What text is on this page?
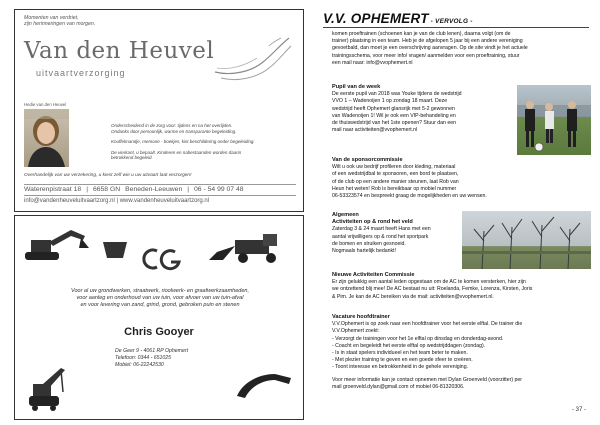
Momenten van verdriet,
zijn herinneringen van morgen.
Van den Heuvel
uitvaartverzorging
Hedie van den Heuvel

Onderscheidend in de zorg voor: tijdens en na het overlijden.
Ondanks door persoonlijk, warme en transparante begeleiding.

Knuffelmandje, memorie - boekjes, kist beschildering onder begeleiding.

De vierkant, u bepaalt. Kinderen en nabestaanden worden daarin
betrokkend begeleid.

Overhandelijk van uw verzekering, u kiest zelf wie u uw uitvaart laat verzorgen!
Waterenpistraat 18 | 6658 GN Beneden-Leeuwen | 06 - 54 99 07 48
info@vandenheuveluitvaartzorg.nl | www.vandenheuveluitvaartzorg.nl
Voor al uw grondwerken, straatwerk, rioolwerk- en graafwerkzaamheden,
voor aanleg en onderhoud van uw tuin, voor afvoer van uw tuin-afval
en voor levering van zand, grind, grond, gebroken puin en stenen
Chris Gooyer
De Geer 9 - 4061 RP Ophemert
Telefoon: 0344 - 651025
Mobiel: 06-22242530
V.V. OPHEMERT - VERVOLG -
komen proeftrainen (schoenen kan je van de club lenen), daarna volgt (om de
trainer) plaatsing in een team. Heb je de afgelopen 5 jaar bij een andere vereniging
gevoetbald, dan moet je een overschrijving aanvragen. Op de site vindt je het actuele
trainingsschema, voor meer info/ vragen/ aanmelden voor een proeftraining, stuur
een mail naar: info@vvophemert.nl
Pupil van de week
De eerste pupil van 2018 was Youke tijdens de wedstrijd
VVO 1 – Wadenoijen 1 op zondag 18 maart. Deze
wedstrijd heeft Ophemert glansrijk met 5-2 gewonnen
van Wadenoijen 1! Wil je ook een VIP-behandeling en
de thuiswedstrijd van het 1ste openen? Stuur dan een
mail naar activiteiten@vvophemert.nl
Van de sponsorcommissie
Wilt u ook uw bedrijf profileren door kleding, materiaal
of een wedstrijdbal te sponsoren, een bord te plaatsen,
of de club op een andere manier steunen, laat Rob van
Heun het weten! Rob is bereikbaar op mobiel nummer
06-53323574 en bespreekt graag de mogelijkheden en uw wensen.
Algemeen
Activiteiten op & rond het veld
Zaterdag 3 & 24 maart heeft Hans met een
aantal vrijwilligers op & rond het sportpark
de bomen en struiken gesnoeid.
Nogmaals hartelijk bedankt!
Nieuwe Activiteiten Commissie
Er zijn gelukkig een aantal leden opgestaan om de AC te komen versterken, hier zijn
we ontzettend blij mee! De AC bestaat nu uit: Roelanda, Femke, Lorenza, Kirsten, Joris
& Pim. Je kan de AC bereiken via de mail: activiteiten@vvophemert.nl.
Vacature hoofdtrainer
V.V.Ophemert is op zoek naar een hoofdtrainer voor het eerste elftal. De trainer die
V.V.Ophemert zoekt:
- Verzorgt de trainingen voor het 1e elftal op dinsdag en donderdag-avond.
- Coacht en begeleidt het eerste elftal op wedstrijddagen (zondag).
- Is in staat spelers individueel en het team beter te maken.
- Met plezier training te geven en een goede sfeer te creëren.
- Toont interesse en betrokkenheid in de gehele vereniging.
Voor meer informatie kan je contact opnemen met Dylan Groenveld (voorzitter) per
mail groenveld.dylan@gmail.com of mobiel 06-81320306.
- 37 -
